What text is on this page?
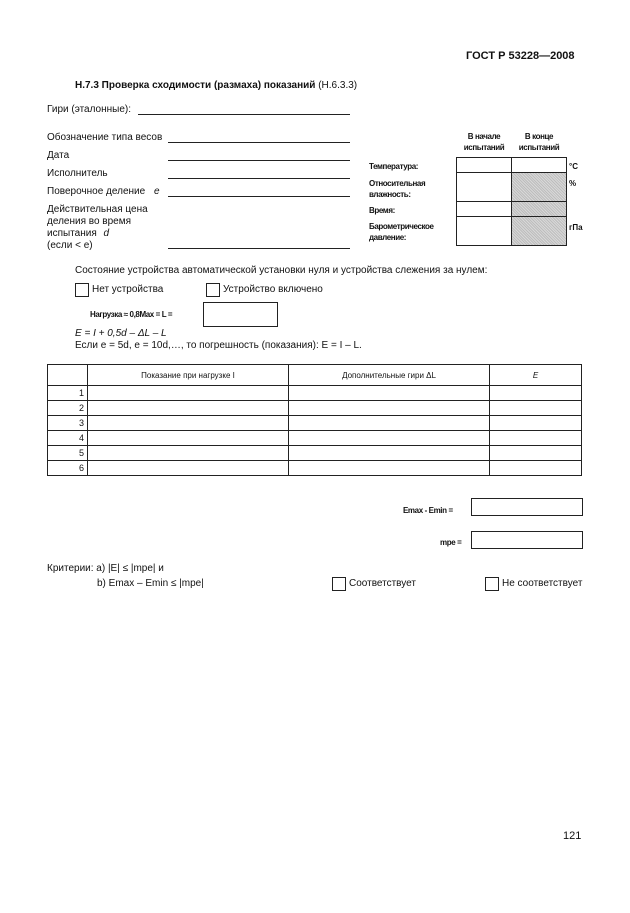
ГОСТ Р 53228—2008
H.7.3 Проверка сходимости (размаха) показаний (H.6.3.3)
Гири (эталонные):
Обозначение типа весов
Дата
Исполнитель
Поверочное деление e
Действительная цена
деления во время
испытания d
(если < e)
В начале
испытаний
В конце
испытаний
Температура:	°C
Относительная
влажность:
%
Время:
Барометрическое
давление:
гПа
Состояние устройства автоматической установки нуля и устройства слежения за нулем:
Нет устройства	Устройство включено
Нагрузка ≈ 0,8Max = L =
E = I + 0,5d – ΔL – L
Если e = 5d, e = 10d,…, то погрешность (показания): E = I – L.
	Показание при нагрузке I	Дополнительные гири ΔL	E
1			
2			
3			
4			
5			
6			
Emax - Emin =
mpe =
Критерии: a) |E| ≤ |mpe| и
b) Emax – Emin ≤ |mpe|	Соответствует	Не соответствует
121
